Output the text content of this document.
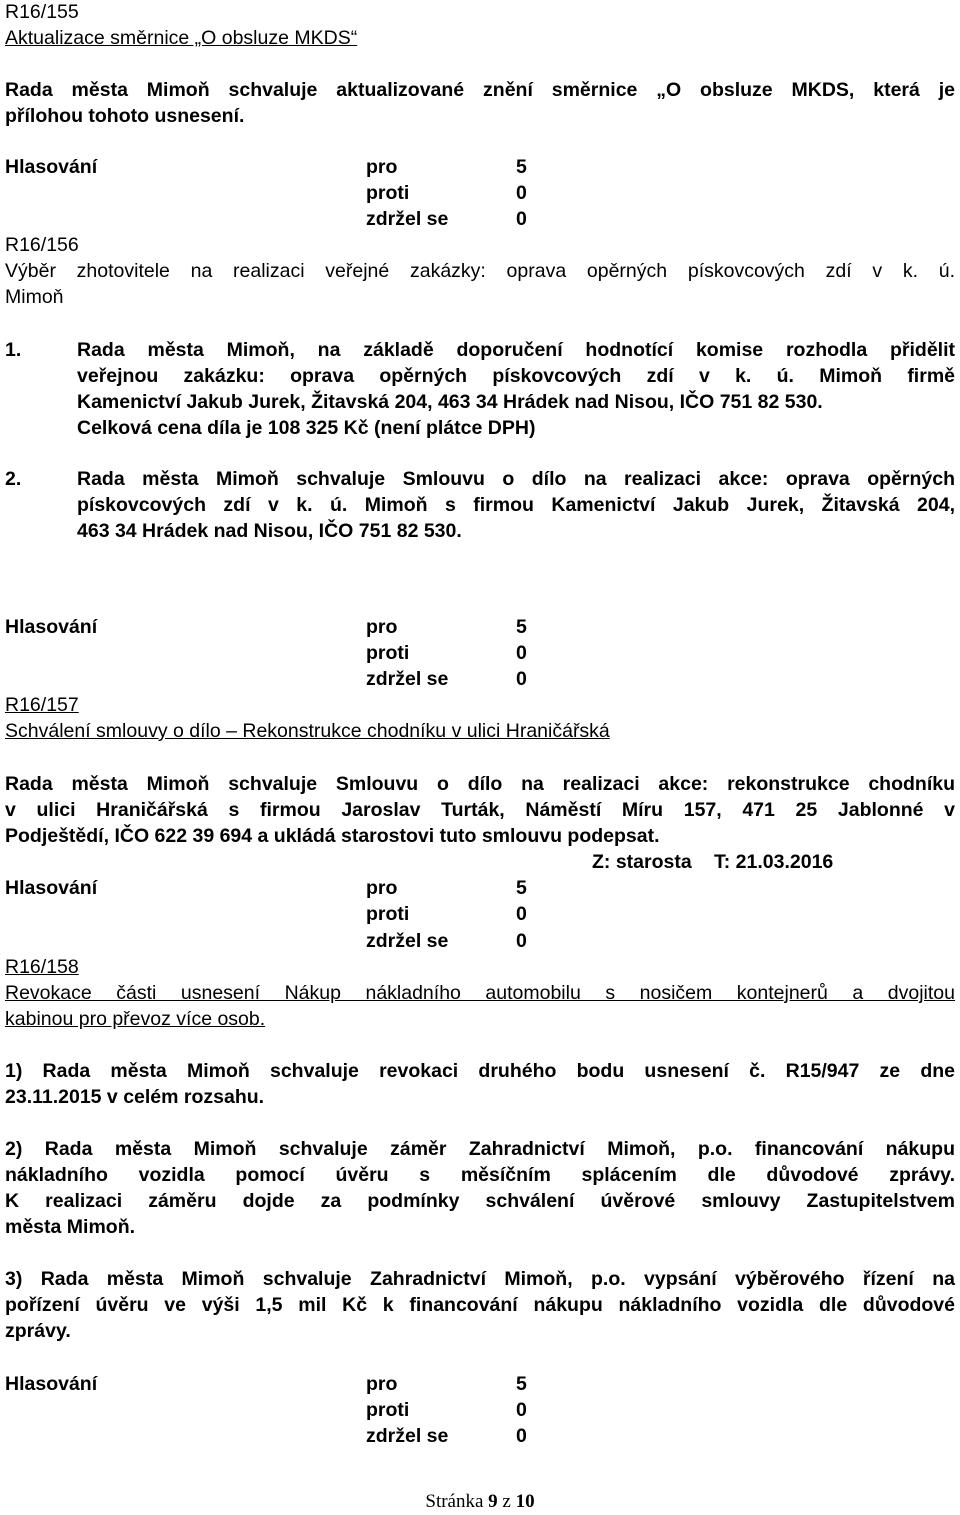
R16/155
Aktualizace směrnice „O obsluze MKDS“
Rada města Mimoň schvaluje aktualizované znění směrnice „O obsluze MKDS, která je
přílohou tohoto usnesení.
Hlasování	pro	5
proti	0
zdržel se	0
R16/156
Výběr zhotovitele na realizaci veřejné zakázky: oprava opěrných pískovcových zdí v k. ú.
Mimoň
1.	Rada města Mimoň, na základě doporučení hodnotící komise rozhodla přidělit
veřejnou zakázku: oprava opěrných pískovcových zdí v k. ú. Mimoň firmě
Kamenictví Jakub Jurek, Žitavská 204, 463 34 Hrádek nad Nisou, IČO 751 82 530.
Celková cena díla je 108 325 Kč (není plátce DPH)
2.	Rada města Mimoň schvaluje Smlouvu o dílo na realizaci akce: oprava opěrných
pískovcových zdí v k. ú. Mimoň s firmou Kamenictví Jakub Jurek, Žitavská 204,
463 34 Hrádek nad Nisou, IČO 751 82 530.
Hlasování	pro	5
proti	0
zdržel se	0
R16/157
Schválení smlouvy o dílo – Rekonstrukce chodníku v ulici Hraničářská
Rada města Mimoň schvaluje Smlouvu o dílo na realizaci akce: rekonstrukce chodníku
v ulici Hraničářská s firmou Jaroslav Turták, Náměstí Míru 157, 471 25 Jablonné v
Podještědí, IČO 622 39 694 a ukládá starostovi tuto smlouvu podepsat.
Z: starosta T: 21.03.2016
Hlasování	pro	5
proti	0
zdržel se	0
R16/158
Revokace části usnesení Nákup nákladního automobilu s nosičem kontejnerů a dvojitou
kabinou pro převoz více osob.
1) Rada města Mimoň schvaluje revokaci druhého bodu usnesení č. R15/947 ze dne
23.11.2015 v celém rozsahu.
2) Rada města Mimoň schvaluje záměr Zahradnictví Mimoň, p.o. financování nákupu
nákladního vozidla pomocí úvěru s měsíčním splácením dle důvodové zprávy.
K realizaci záměru dojde za podmínky schválení úvěrové smlouvy Zastupitelstvem
města Mimoň.
3) Rada města Mimoň schvaluje Zahradnictví Mimoň, p.o. vypsání výběrového řízení na
pořízení úvěru ve výši 1,5 mil Kč k financování nákupu nákladního vozidla dle důvodové
zprávy.
Hlasování	pro	5
proti	0
zdržel se	0
Stránka 9 z 10
